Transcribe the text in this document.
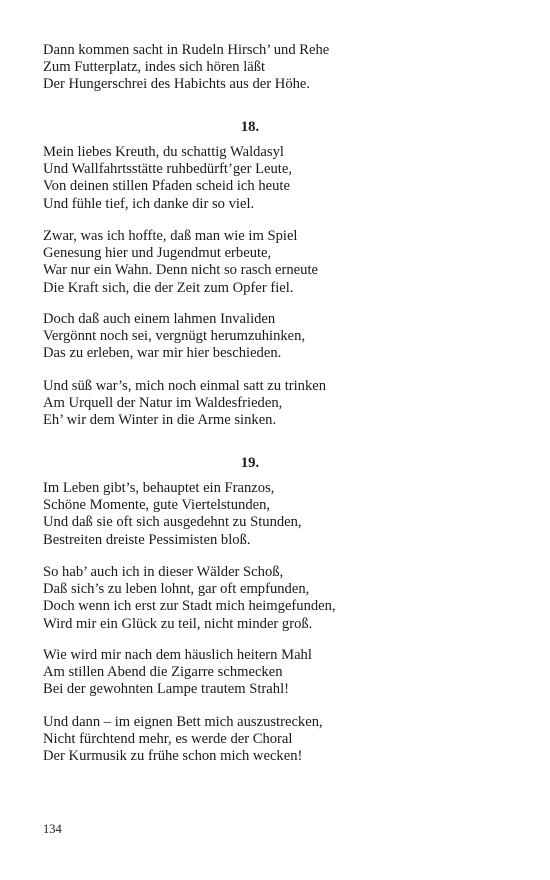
Dann kommen sacht in Rudeln Hirsch’ und Rehe
Zum Futterplatz, indes sich hören läßt
Der Hungerschrei des Habichts aus der Höhe.
18.
Mein liebes Kreuth, du schattig Waldasyl
Und Wallfahrtsstätte ruhbedürft’ger Leute,
Von deinen stillen Pfaden scheid ich heute
Und fühle tief, ich danke dir so viel.
Zwar, was ich hoffte, daß man wie im Spiel
Genesung hier und Jugendmut erbeute,
War nur ein Wahn. Denn nicht so rasch erneute
Die Kraft sich, die der Zeit zum Opfer fiel.
Doch daß auch einem lahmen Invaliden
Vergönnt noch sei, vergnügt herumzuhinken,
Das zu erleben, war mir hier beschieden.
Und süß war’s, mich noch einmal satt zu trinken
Am Urquell der Natur im Waldesfrieden,
Eh’ wir dem Winter in die Arme sinken.
19.
Im Leben gibt’s, behauptet ein Franzos,
Schöne Momente, gute Viertelstunden,
Und daß sie oft sich ausgedehnt zu Stunden,
Bestreiten dreiste Pessimisten bloß.
So hab’ auch ich in dieser Wälder Schoß,
Daß sich’s zu leben lohnt, gar oft empfunden,
Doch wenn ich erst zur Stadt mich heimgefunden,
Wird mir ein Glück zu teil, nicht minder groß.
Wie wird mir nach dem häuslich heitern Mahl
Am stillen Abend die Zigarre schmecken
Bei der gewohnten Lampe trautem Strahl!
Und dann – im eignen Bett mich auszustrecken,
Nicht fürchtend mehr, es werde der Choral
Der Kurmusik zu frühe schon mich wecken!
134
